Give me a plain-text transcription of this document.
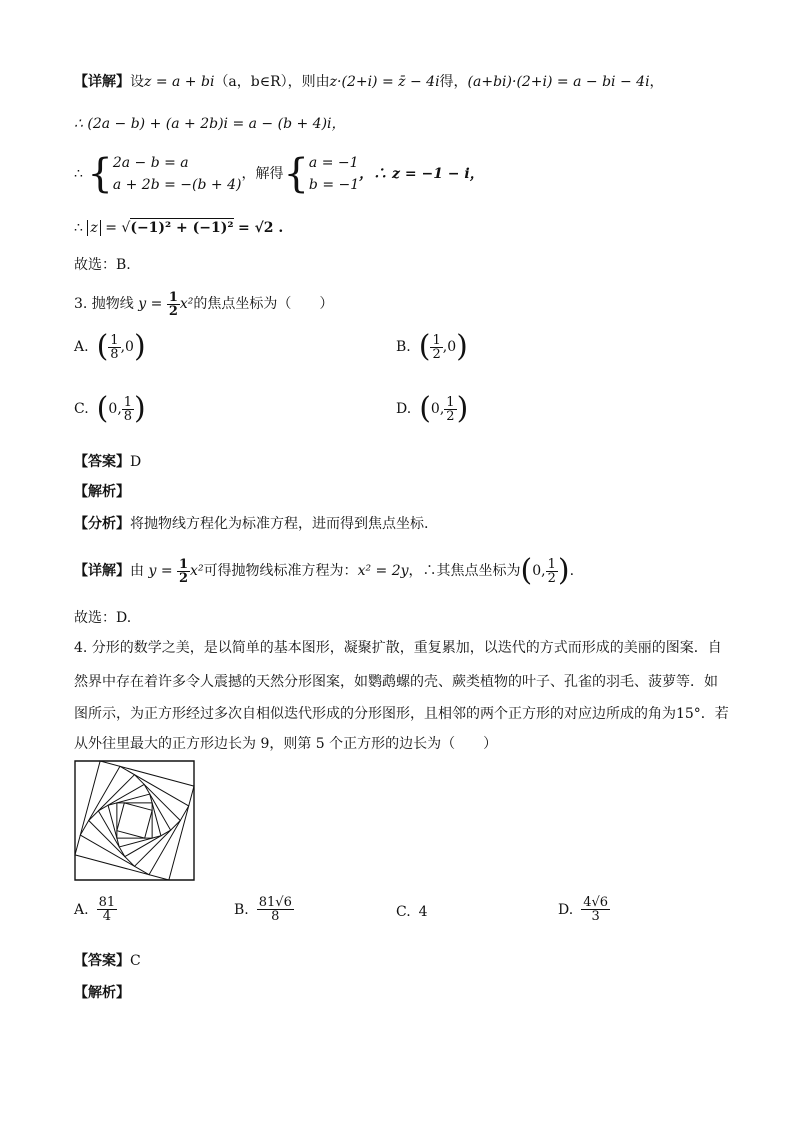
【详解】设z = a + bi（a，b∈R），则由z·(2+i) = z̄ − 4i得，(a+bi)·(2+i) = a − bi − 4i，
∴ (2a − b) + (a + 2b)i = a − (b + 4)i，
∴ { 2a − b = a
a + 2b = −(b + 4)
，解得{ a = −1
b = −1
，∴ z = −1 − i，
∴ z = √(−1)² + (−1)² = √2 .
故选：B.
3. 抛物线 $y = \frac{1}{2} x^2$的焦点坐标为（　　）
A. ( $\frac{1}{8} ,0$)	B. ( $\frac{1}{2} ,0$)
C. (0, $\frac{1}{8}$ )	D. (0, $\frac{1}{2}$ )
【答案】D
【解析】
【分析】将抛物线方程化为标准方程，进而得到焦点坐标.
【详解】由 $y = \frac{1}{2} x^2$可得抛物线标准方程为：x² = 2y，∴其焦点坐标为(0, $\frac{1}{2}$ ).
故选：D.
4. 分形的数学之美，是以简单的基本图形，凝聚扩散，重复累加，以迭代的方式而形成的美丽的图案．自
然界中存在着许多令人震撼的天然分形图案，如鹦鹉螺的壳、蕨类植物的叶子、孔雀的羽毛、菠萝等．如
图所示，为正方形经过多次自相似迭代形成的分形图形，且相邻的两个正方形的对应边所成的角为15°．若
从外往里最大的正方形边长为 9，则第 5 个正方形的边长为（　　）
A. $\frac{81}{4}$	B. $\frac{81√6}{8}$	C. 4	D. $\frac{4√6}{3}$
【答案】C
【解析】
